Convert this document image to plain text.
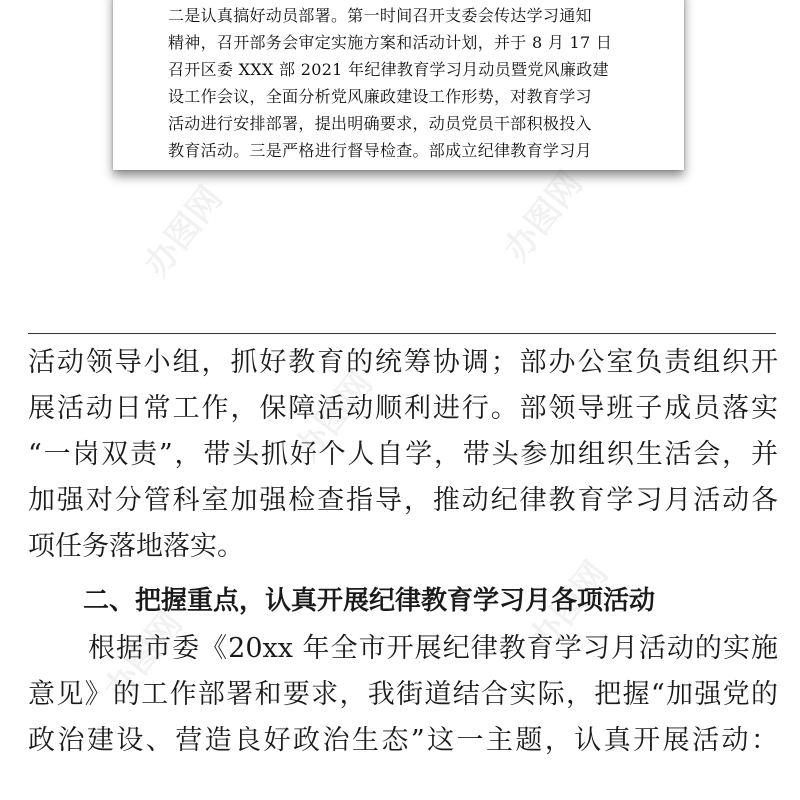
二是认真搞好动员部署。第一时间召开支委会传达学习通知
精神，召开部务会审定实施方案和活动计划，并于 8 月 17 日
召开区委 XXX 部 2021 年纪律教育学习月动员暨党风廉政建
设工作会议，全面分析党风廉政建设工作形势，对教育学习
活动进行安排部署，提出明确要求，动员党员干部积极投入
教育活动。三是严格进行督导检查。部成立纪律教育学习月
办图网	办图网
办图网
办图网
办图网
活动领导小组，抓好教育的统筹协调；部办公室负责组织开
展活动日常工作，保障活动顺利进行。部领导班子成员落实
“一岗双责”，带头抓好个人自学，带头参加组织生活会，并
加强对分管科室加强检查指导，推动纪律教育学习月活动各
项任务落地落实。
二、把握重点，认真开展纪律教育学习月各项活动
根据市委《20xx 年全市开展纪律教育学习月活动的实施
意见》的工作部署和要求，我街道结合实际，把握“加强党的
政治建设、营造良好政治生态”这一主题，认真开展活动：
